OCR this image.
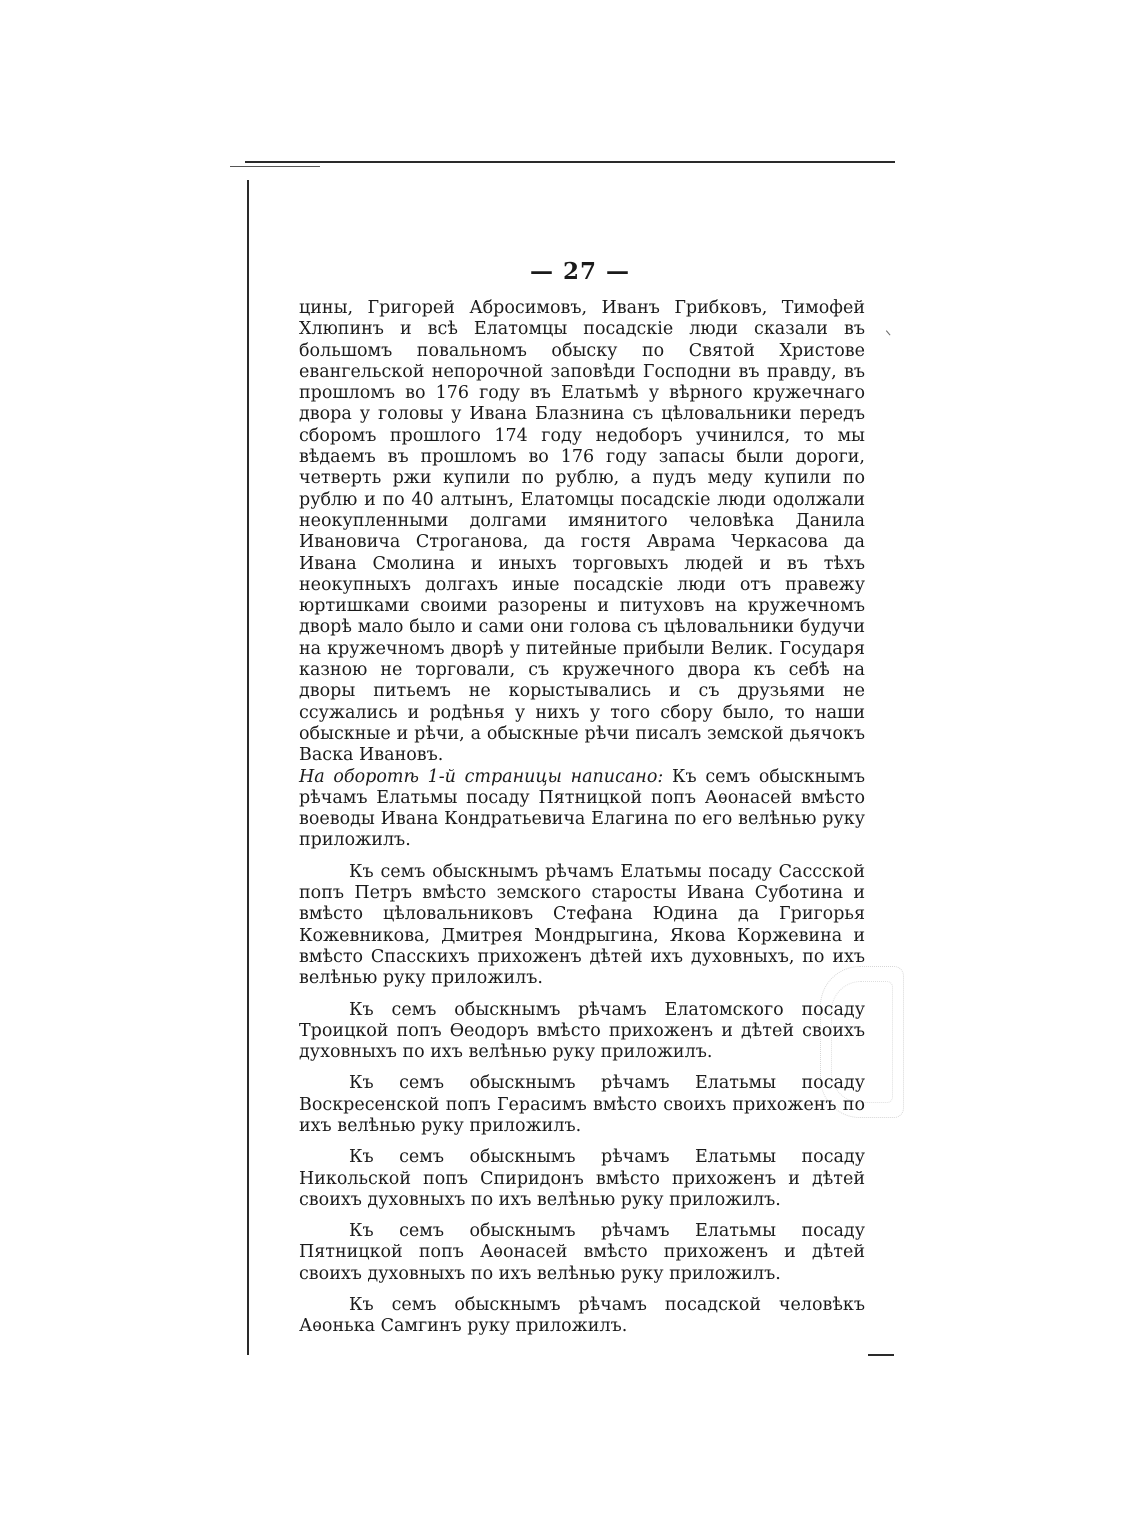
— 27 —

цины, Григорей Абросимовъ, Иванъ Грибковъ, Тимофей Хлюпинъ и всѣ Елатомцы посадскіе люди сказали въ большомъ повальномъ обыску по Святой Христове евангельской непорочной заповѣди Господни въ правду, въ прошломъ во 176 году въ Елатьмѣ у вѣрного кружечнаго двора у головы у Ивана Блазнина съ цѣловальники передъ сборомъ прошлого 174 году недоборъ учинился, то мы вѣдаемъ въ прошломъ во 176 году запасы были дороги, четверть ржи купили по рублю, а пудъ меду купили по рублю и по 40 алтынъ, Елатомцы посадскіе люди одолжали неокупленными долгами имянитого человѣка Данила Ивановича Строганова, да гостя Аврама Черкасова да Ивана Смолина и иныхъ торговыхъ людей и въ тѣхъ неокупныхъ долгахъ иные посадскіе люди отъ правежу юртишками своими разорены и питуховъ на кружечномъ дворѣ мало было и сами они голова съ цѣловальники будучи на кружечномъ дворѣ у питейные прибыли Велик. Государя казною не торговали, съ кружечного двора къ себѣ на дворы питьемъ не корыстывались и съ друзьями не ссужались и родѣнья у нихъ у того сбору было, то наши обыскные и рѣчи, а обыскные рѣчи писалъ земской дьячокъ Васка Ивановъ.

На оборотѣ 1-й страницы написано: Къ семъ обыскнымъ рѣчамъ Елатьмы посаду Пятницкой попъ Аѳонасей вмѣсто воеводы Ивана Кондратьевича Елагина по его велѣнью руку приложилъ.

Къ семъ обыскнымъ рѣчамъ Елатьмы посаду Сассской попъ Петръ вмѣсто земского старосты Ивана Суботина и вмѣсто цѣловальниковъ Стефана Юдина да Григорья Кожевникова, Дмитрея Мондрыгина, Якова Коржевина и вмѣсто Спасскихъ прихоженъ дѣтей ихъ духовныхъ, по ихъ велѣнью руку приложилъ.

Къ семъ обыскнымъ рѣчамъ Елатомского посаду Троицкой попъ Ѳеодоръ вмѣсто прихоженъ и дѣтей своихъ духовныхъ по ихъ велѣнью руку приложилъ.

Къ семъ обыскнымъ рѣчамъ Елатьмы посаду Воскресенской попъ Герасимъ вмѣсто своихъ прихоженъ по ихъ велѣнью руку приложилъ.

Къ семъ обыскнымъ рѣчамъ Елатьмы посаду Никольской попъ Спиридонъ вмѣсто прихоженъ и дѣтей своихъ духовныхъ по ихъ велѣнью руку приложилъ.

Къ семъ обыскнымъ рѣчамъ Елатьмы посаду Пятницкой попъ Аѳонасей вмѣсто прихоженъ и дѣтей своихъ духовныхъ по ихъ велѣнью руку приложилъ.

Къ семъ обыскнымъ рѣчамъ посадской человѣкъ Аѳонька Самгинъ руку приложилъ.
